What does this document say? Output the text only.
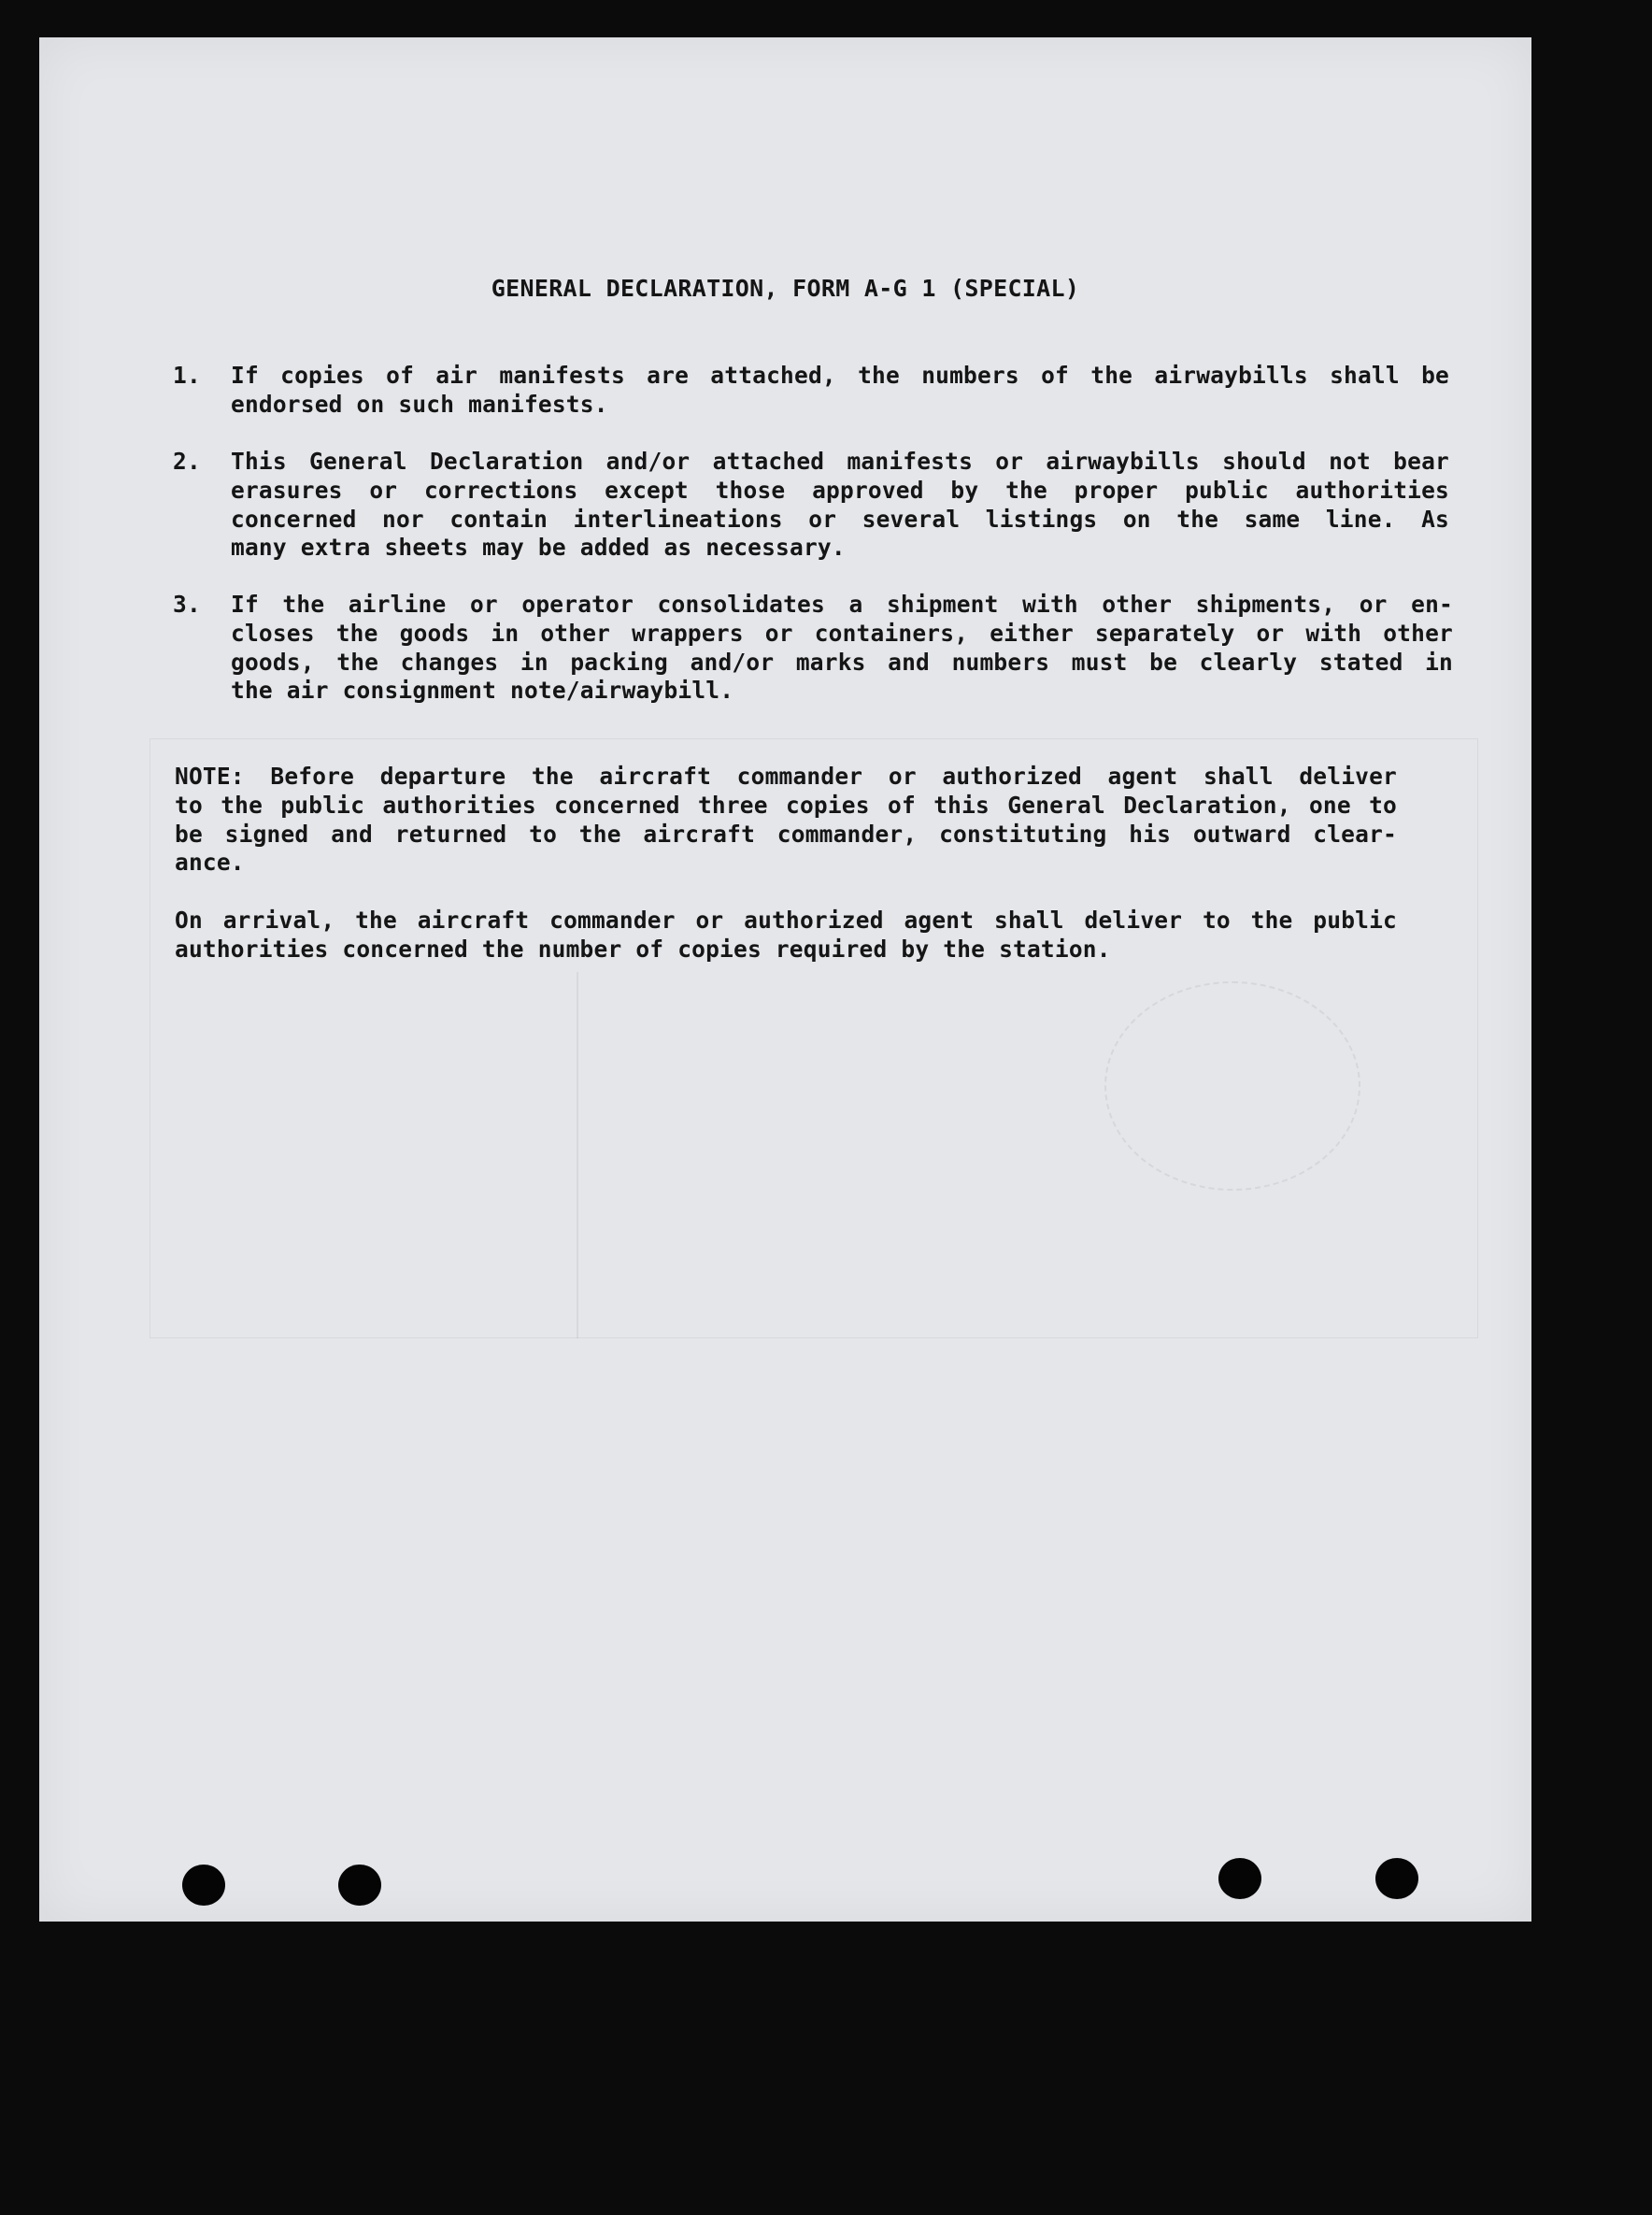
GENERAL DECLARATION, FORM A-G 1 (SPECIAL)
1. If copies of air manifests are attached, the numbers of the airwaybills shall be
endorsed on such manifests.
2. This General Declaration and/or attached manifests or airwaybills should not bear
erasures or corrections except those approved by the proper public authorities
concerned nor contain interlineations or several listings on the same line. As
many extra sheets may be added as necessary.
3. If the airline or operator consolidates a shipment with other shipments, or en-
closes the goods in other wrappers or containers, either separately or with other
goods, the changes in packing and/or marks and numbers must be clearly stated in
the air consignment note/airwaybill.
NOTE: Before departure the aircraft commander or authorized agent shall deliver
to the public authorities concerned three copies of this General Declaration, one to
be signed and returned to the aircraft commander, constituting his outward clear-
ance.
On arrival, the aircraft commander or authorized agent shall deliver to the public
authorities concerned the number of copies required by the station.
